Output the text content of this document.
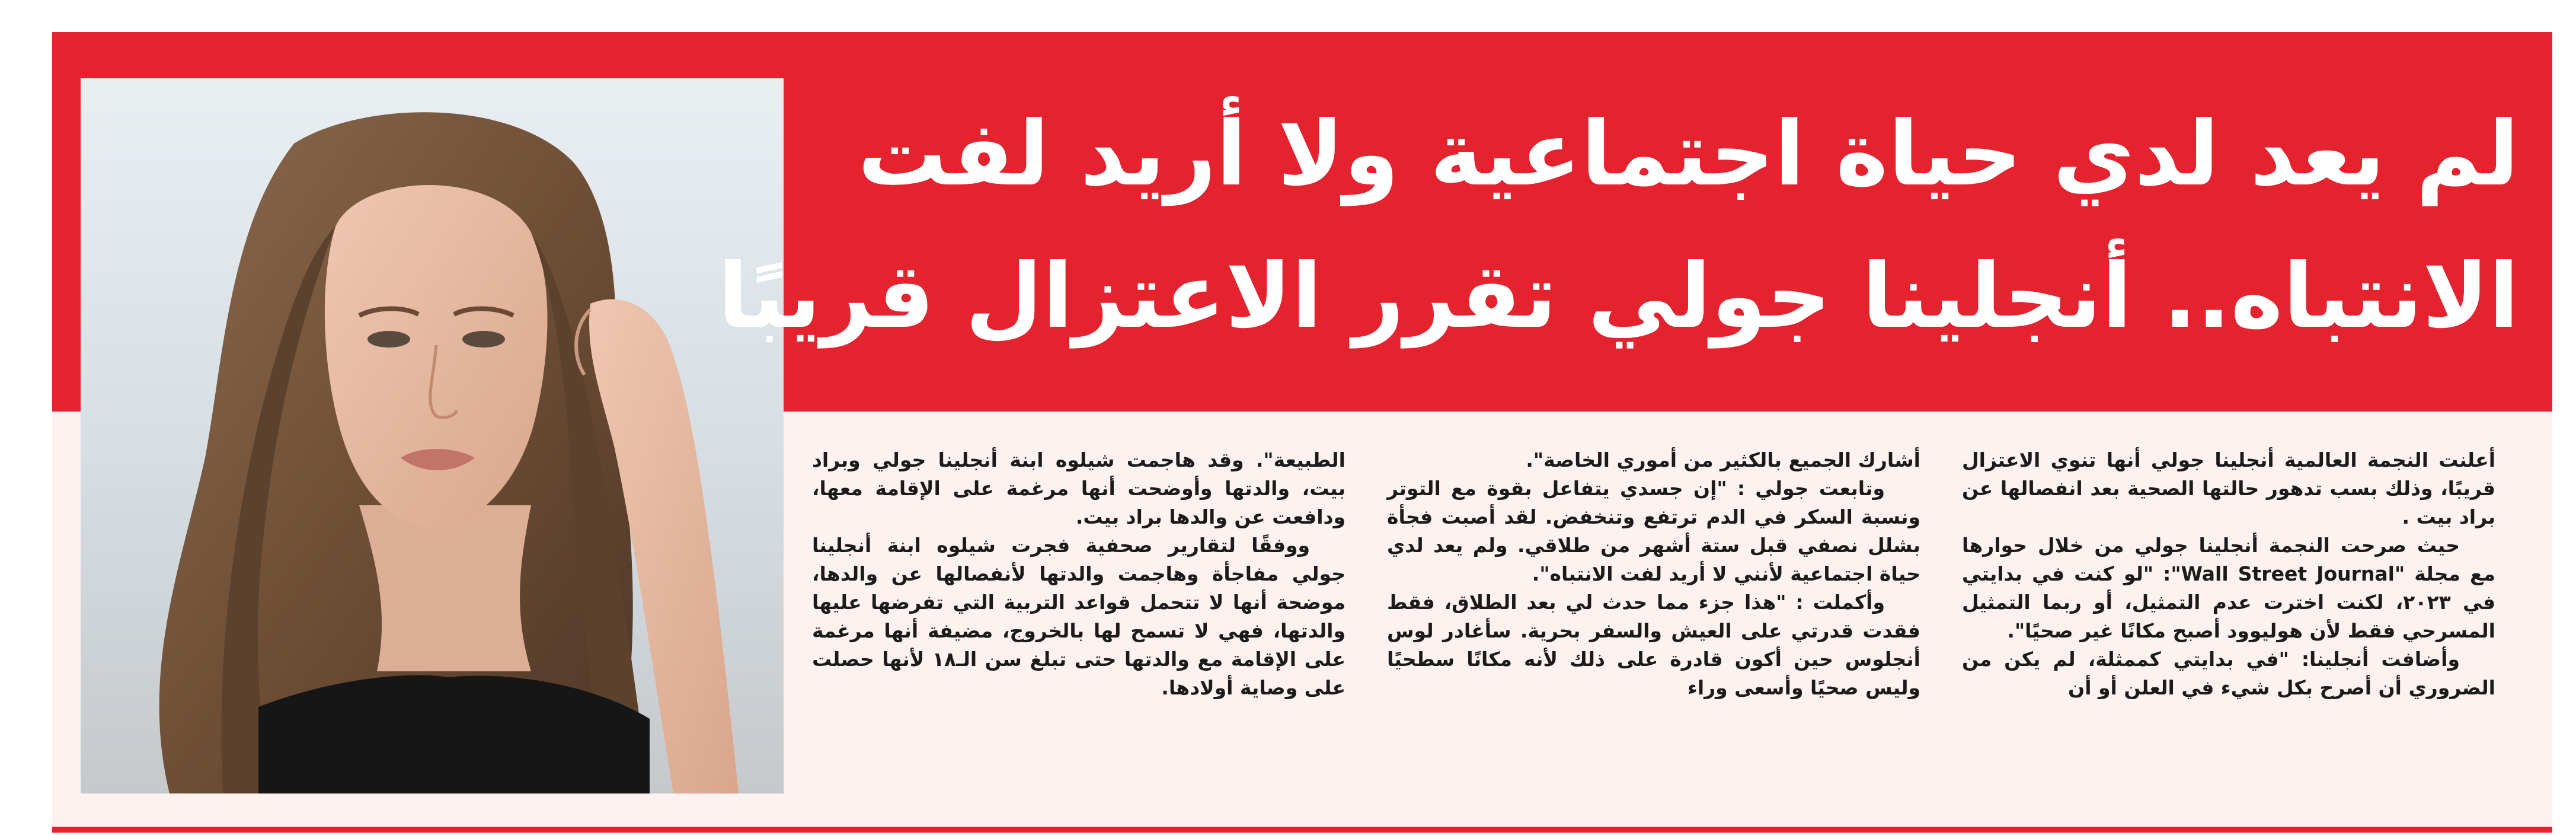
لم يعد لدي حياة اجتماعية ولا أريد لفت
الانتباه.. أنجلينا جولي تقرر الاعتزال قريبًا

أعلنت النجمة العالمية أنجلينا جولي أنها تنوي الاعتزال قريبًا، وذلك بسب تدهور حالتها الصحية بعد انفصالها عن براد بيت .

حيث صرحت النجمة أنجلينا جولي من خلال حوارها مع مجلة "Wall Street Journal": "لو كنت في بدايتي في ٢٠٢٣، لكنت اخترت عدم التمثيل، أو ربما التمثيل المسرحي فقط لأن هوليوود أصبح مكانًا غير صحيًا".

وأضافت أنجلينا: "في بدايتي كممثلة، لم يكن من الضروري أن أصرح بكل شيء في العلن أو أن

أشارك الجميع بالكثير من أموري الخاصة".

وتابعت جولي : "إن جسدي يتفاعل بقوة مع التوتر ونسبة السكر في الدم ترتفع وتنخفض. لقد أصبت فجأة بشلل نصفي قبل ستة أشهر من طلاقي. ولم يعد لدي حياة اجتماعية لأنني لا أريد لفت الانتباه".

وأكملت : "هذا جزء مما حدث لي بعد الطلاق، فقط فقدت قدرتي على العيش والسفر بحرية. سأغادر لوس أنجلوس حين أكون قادرة على ذلك لأنه مكانًا سطحيًا وليس صحيًا وأسعى وراء

الطبيعة". وقد هاجمت شيلوه ابنة أنجلينا جولي وبراد بيت، والدتها وأوضحت أنها مرغمة على الإقامة معها، ودافعت عن والدها براد بيت.

ووفقًا لتقارير صحفية فجرت شيلوه ابنة أنجلينا جولي مفاجأة وهاجمت والدتها لأنفصالها عن والدها، موضحة أنها لا تتحمل قواعد التربية التي تفرضها عليها والدتها، فهي لا تسمح لها بالخروج، مضيفة أنها مرغمة على الإقامة مع والدتها حتى تبلغ سن الـ١٨ لأنها حصلت على وصاية أولادها.
